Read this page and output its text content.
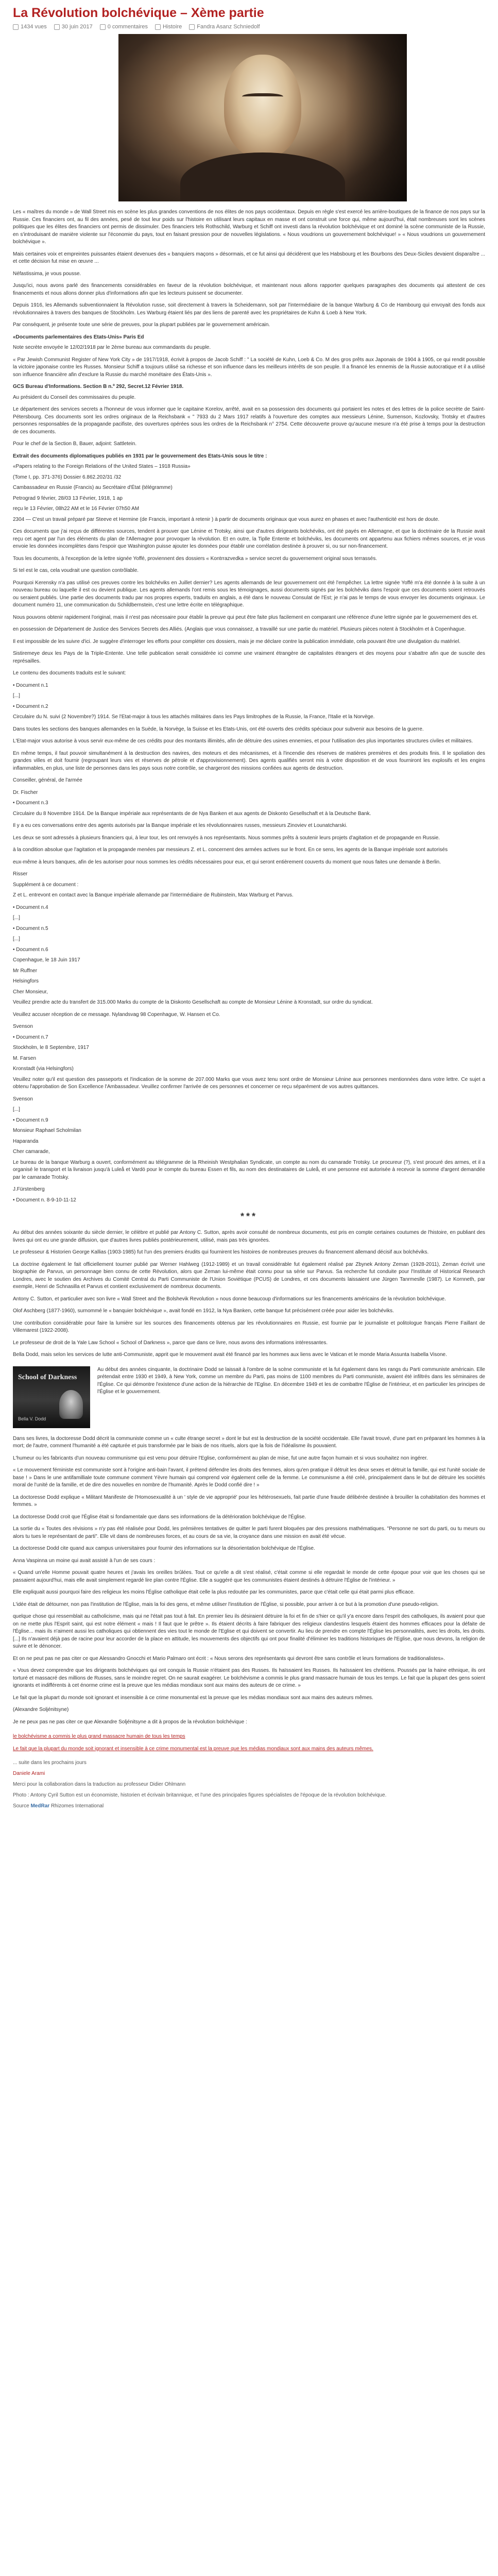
La Révolution bolchévique – Xème partie
1434 vues	30 juin 2017	0 commentaires	Histoire	Fandra Asanz Schniedolf

Les « maîtres du monde » de Wall Street mis en scène les plus grandes conventions de nos élites de nos pays occidentaux. Depuis en règle s'est exercé les arrière-boutiques de la finance de nos pays sur la Russie. Ces financiers ont, au fil des années, pesé de tout leur poids sur l'histoire en utilisant leurs capitaux en masse et ont construit une force qui, même aujourd'hui, était nombreuses sont les scènes politiques que les élites des financiers ont permis de dissimuler. Des financiers tels Rothschild, Warburg et Schiff ont investi dans la révolution bolchévique et ont dominé la scène communiste de la Russie, en s'introduisant de manière violente sur l'économie du pays, tout en faisant pression pour de nouvelles législations. « Nous voudrions un gouvernement bolchévique! » « Nous voudrions un gouvernement bolchévique ».

Mais certaines voix et empreintes puissantes étaient devenues des « banquiers maçons » désormais, et ce fut ainsi qui décidèrent que les Habsbourg et les Bourbons des Deux-Siciles devaient disparaître ... et cette décision fut mise en œuvre ...

Néfastissima, je vous pousse.

Jusqu'ici, nous avons parlé des financements considérables en faveur de la révolution bolchévique, et maintenant nous allons rapporter quelques paragraphes des documents qui attestent de ces financements et nous allons donner plus d'informations afin que les lecteurs puissent se documenter.

Depuis 1916, les Allemands subventionnaient la Révolution russe, soit directement à travers la Scheidemann, soit par l'intermédiaire de la banque Warburg & Co de Hambourg qui envoyait des fonds aux révolutionnaires à travers des banques de Stockholm. Les Warburg étaient liés par des liens de parenté avec les propriétaires de Kuhn & Loeb à New York.

Par conséquent, je présente toute une série de preuves, pour la plupart publiées par le gouvernement américain.

«Documents parlementaires des Etats-Unis» Paris Ed

Note secrète envoyée le 12/02/1918 par le 2ème bureau aux commandants du peuple.

« Par Jewish Communist Register of New York City » de 1917/1918, écrivit à propos de Jacob Schiff : " La société de Kuhn, Loeb & Co. M des gros prêts aux Japonais de 1904 à 1905, ce qui rendit possible la victoire japonaise contre les Russes. Monsieur Schiff a toujours utilisé sa richesse et son influence dans les meilleurs intérêts de son peuple. Il a financé les ennemis de la Russie autocratique et il a utilisé son influence financière afin d'exclure la Russie du marché monétaire des États-Unis ».

GCS Bureau d'Informations. Section B n.º 292, Secret.12 Février 1918.

Au président du Conseil des commissaires du peuple.

Le département des services secrets a l'honneur de vous informer que le capitaine Korelov, arrêté, avait en sa possession des documents qui portaient les notes et des lettres de la police secrète de Saint-Pétersbourg. Ces documents sont les ordres originaux de la Reichsbank « " 7933 du 2 Mars 1917 relatifs à l'ouverture des comptes aux messieurs Lénine, Sumenson, Kozlovsky, Trotsky et d'autres personnes responsables de la propagande pacifiste, des ouvertures opérées sous les ordres de la Reichsbank n° 2754. Cette découverte prouve qu'aucune mesure n'a été prise à temps pour la destruction de ces documents.

Pour le chef de la Section B, Bauer, adjoint: Sattletein.

Extrait des documents diplomatiques publiés en 1931 par le gouvernement des Etats-Unis sous le titre :

«Papers relating to the Foreign Relations of the United States – 1918 Russia»

(Tome I, pp. 371-376) Dossier 6.862.202/31 /32

Cambassadeur en Russie (Francis) au Secrétaire d'État (télégramme)

Petrograd 9 février, 28/03 13 Février, 1918, 1 ap

reçu le 13 Février, 08h22 AM et le 16 Février 07h50 AM

2304 — C'est un travail préparé par Steeve et Hermine (de Francis, important à retenir ) à partir de documents originaux que vous aurez en phases et avec l'authenticité est hors de doute.

Ces documents que j'ai reçus de différentes sources, tendent à prouver que Lénine et Trotsky, ainsi que d'autres dirigeants bolchéviks, ont été payés en Allemagne, et que la doctrinaire de la Russie avait reçu cet agent par l'un des éléments du plan de l'Allemagne pour provoquer la révolution. Et en outre, la Tiplle Entente et bolchéviks, les documents ont appartenu aux fichiers mêmes sources, et je vous envoie les données incomplètes dans l'espoir que Washington puisse ajouter les données pour établir une corrélation destinée à prouver si, ou sur non-financement.

Tous les documents, à l'exception de la lettre signée Yoffé, proviennent des dossiers « Kontrrazvedka » service secret du gouvernement original sous terrassés.

Si tel est le cas, cela voudrait une question contrôlable.

Pourquoi Kerensky n'a pas utilisé ces preuves contre les bolchéviks en Juillet dernier? Les agents allemands de leur gouvernement ont été l'empêcher. La lettre signée Yoffé m'a été donnée à la suite à un nouveau bureau ou laquelle il est ou devient publique. Les agents allemands l'ont remis sous les témoignages, aussi documents signés par les bolchéviks dans l'espoir que ces documents soient retrouvés ou seraient publiés. Une partie des documents tradu par nos propres experts, traduits en anglais, a été dans le nouveau Consulat de l'Est; je n'ai pas le temps de vous envoyer les documents originaux. Le document numéro 11, une communication du Schildbernstein, c'est une lettre écrite en télégraphique.

Nous pouvons obtenir rapidement l'original, mais il n'est pas nécessaire pour établir la preuve qui peut être faite plus facilement en comparant une référence d'une lettre signée par le gouvernement des et.

en possession de Département de Justice des Services Secrets des Alliés. (Anglais que vous connaissez, a travaillé sur une partie du matériel. Plusieurs pièces notent à Stockholm et à Copenhague.

Il est impossible de les suivre d'ici. Je suggère d'interroger les efforts pour compléter ces dossiers, mais je me déclare contre la publication immédiate, cela pouvant être une divulgation du matériel.

Sistiremeye deux les Pays de la Triple-Entente. Une telle publication serait considérée ici comme une vraiment étrangère de capitalistes étrangers et des moyens pour s'abattre afin que de suscite des représailles.

Le contenu des documents traduits est le suivant:

• Document n.1

[...]

• Document n.2

Circulaire du N. suivi (2 Novembre?) 1914. Se l'Etat-major à tous les attachés militaires dans les Pays limitrophes de la Russie, la France, l'Italie et la Norvège.

Dans toutes les sections des banques allemandes en la Suède, la Norvège, la Suisse et les Etats-Unis, ont été ouverts des crédits spéciaux pour subvenir aux besoins de la guerre.

L'Etat-major vous autorise à vous servir eux-même de ces crédits pour des montants illimités, afin de détruire des usines ennemies, et pour l'utilisation des plus importantes structures civiles et militaires.

En même temps, il faut pouvoir simultanément à la destruction des navires, des moteurs et des mécanismes, et à l'incendie des réserves de matières premières et des produits finis. Il le spoliation des grandes villes et doit fournir (regroupant leurs vies et réserves de pétrole et d'approvisionnement). Des agents qualifiés seront mis à votre disposition et de vous fourniront les explosifs et les engins inflammables, en plus, une liste de personnes dans les pays sous notre contrôle, se chargeront des missions confiées aux agents de destruction.

Conseiller, général, de l'armée

Dr. Fischer

• Document n.3

Circulaire du 8 Novembre 1914. De la Banque impériale aux représentants de de Nya Banken et aux agents de Diskonto Gesellschaft et à la Deutsche Bank.

Il y a eu ces conversations entre des agents autorisés par la Banque impériale et les révolutionnaires russes, messieurs Zinoviev et Lounatcharski.

Les deux se sont adressés à plusieurs financiers qui, à leur tour, les ont renvoyés à nos représentants. Nous sommes prêts à soutenir leurs projets d'agitation et de propagande en Russie.

à la condition absolue que l'agitation et la propagande menées par messieurs Z. et L. concernent des armées actives sur le front. En ce sens, les agents de la Banque impériale sont autorisés

eux-même à leurs banques, afin de les autoriser pour nous sommes les crédits nécessaires pour eux, et qui seront entièrement couverts du moment que nous faites une demande à Berlin.

Risser

Supplément à ce document :

Z et L. entrevont en contact avec la Banque impériale allemande par l'intermédiaire de Rubinstein, Max Warburg et Parvus.

• Document n.4

[...]

• Document n.5

[...]

• Document n.6

Copenhague, le 18 Juin 1917

Mr Ruffner

Helsingfors

Cher Monsieur,

Veuillez prendre acte du transfert de 315.000 Marks du compte de la Diskonto Gesellschaft au compte de Monsieur Lénine à Kronstadt, sur ordre du syndicat.

Veuillez accuser réception de ce message. Nylandsvag 98 Copenhague, W. Hansen et Co.

Svenson

• Document n.7

Stockholm, le 8 Septembre, 1917

M. Farsen

Kronstadt (via Helsingfors)

Veuillez noter qu'il est question des passeports et l'indication de la somme de 207.000 Marks que vous avez tenu sont ordre de Monsieur Lénine aux personnes mentionnées dans votre lettre. Ce sujet a obtenu l'approbation de Son Excellence l'Ambassadeur. Veuillez confirmer l'arrivée de ces personnes et concerner ce reçu séparément de vos autres quittances.

Svenson

[...]

• Document n.9

Monsieur Raphael Scholmilan

Haparanda

Cher camarade,

Le bureau de la banque Warburg a ouvert, conformément au télégramme de la Rheinish Westphalian Syndicate, un compte au nom du camarade Trotsky. Le procureur (?), s'est procuré des armes, et il a organisé le transport et la livraison jusqu'à Luleå et Vardö pour le compte du bureau Essen et fils, au nom des destinataires de Luleå, et une personne est autorisée à recevoir la somme d'argent demandée par le camarade Trotsky.

J.Fürstenberg

• Document n. 8-9-10-11-12

***

Au début des années soixante du siècle dernier, le célèbre et publié par Antony C. Sutton, après avoir consulté de nombreux documents, est pris en compte certaines coutumes de l'histoire, en publiant des livres qui ont eu une grande diffusion, que d'autres livres publiés postérieurement, utilisé, mais pas très ignorées.

Le professeur & Historien George Kallias (1903-1985) fut l'un des premiers érudits qui fournirent les histoires de nombreuses preuves du financement allemand décisif aux bolchéviks.

La doctrine également le fait officiellement tourner publié par Werner Hahlweg (1912-1989) et un travail considérable fut également réalisé par Zbynek Antony Zeman (1928-2011), Zeman écrivit une biographie de Parvus, un personnage bien connu de cette Révolution, alors que Zeman lui-même était connu pour sa série sur Parvus. Sa recherche fut conduite pour l'Institute of Historical Research Londres, avec le soutien des Archives du Comité Central du Parti Communiste de l'Union Soviétique (PCUS) de Londres, et ces documents laissaient une Jürgen Tanrmeslle (1987). Le Kornneth, par exemple, Henri de Schnasilla et Parvus et contient exclusivement de nombreux documents.

Antony C. Sutton, et particulier avec son livre « Wall Street and the Bolshevik Revolution » nous donne beaucoup d'informations sur les financements américains de la révolution bolchévique.

Olof Aschberg (1877-1960), surnommé le « banquier bolchévique », avait fondé en 1912, la Nya Banken, cette banque fut précisément créée pour aider les bolchéviks.

Une contribution considérable pour faire la lumière sur les sources des financements obtenus par les révolutionnaires en Russie, est fournie par le journaliste et politologue français Pierre Faillant de Villemarest (1922-2008).

Le professeur de droit de la Yale Law School « School of Darkness », parce que dans ce livre, nous avons des informations intéressantes.

Bella Dodd, mais selon les services de lutte anti-Communiste, apprit que le mouvement avait été financé par les hommes aux liens avec le Vatican et le monde Maria Assunta Isabella Visone.

School of Darkness
Bella V. Dodd

Au début des années cinquante, la doctrinaire Dodd se laissait à l'ombre de la scène communiste et la fut également dans les rangs du Parti communiste américain. Elle prétendait entre 1930 et 1949, à New York, comme un membre du Parti, pas moins de 1100 membres du Parti communiste, avaient été infiltrés dans les séminaires de l'Église. Ce qui démontre l'existence d'une action de la hiérarchie de l'Eglise. En décembre 1949 et les de combattre l'Église de l'intérieur, et en particulier les principes de l'Église et le gouvernement.

Dans ses livres, la doctoresse Dodd décrit la communiste comme un « culte étrange secret » dont le but est la destruction de la société occidentale. Elle l'avait trouvé, d'une part en préparant les hommes à la mort; de l'autre, comment l'humanité a été capturée et puis transformée par le biais de nos rituels, alors que la fois de l'idéalisme ils pouvaient.

L'humeur ou les fabricants d'un nouveau communisme qui est venu pour détruire l'Eglise, conformément au plan de mise, fut une autre façon humain et si vous souhaitez non ingérer.

« Le mouvement féministe est communiste sont à l'origine anti-bain l'avant, il prétend défendre les droits des femmes, alors qu'en pratique il détruit les deux sexes et détruit la famille, qui est l'unité sociale de base ! » Dans le une antifamilliale toute commune comment Yèvre humain qui comprend voir également celle de la femme. Le communisme a été créé, principalement dans le but de détruire les sociétés moral de l'unité de la famille, et de dire des nouvelles en nombre de l'humanité. Après le Dodd confié dire ! »

La doctoresse Dodd explique « Militant Manifeste de l'Homosexualité à un ' style de vie approprié' pour les hétérosexuels, fait partie d'une fraude délibérée destinée à brouiller la cohabitation des hommes et femmes. »

La doctoresse Dodd croit que l'Église était si fondamentale que dans ses informations de la détérioration bolchévique de l'Église.

La sortie du « Toutes des révisions » n'y pas été réalisée pour Dodd, les prémières tentatives de quitter le parti furent bloquées par des pressions mathématiques. "Personne ne sort du parti, ou tu meurs ou alors tu tues le représentant de parti". Elle vit dans de nombreuses forces, et au cours de sa vie, la croyance dans une mission en avait été vécue.

La doctoresse Dodd cite quand aux campus universitaires pour fournir des informations sur la désorientation bolchévique de l'Église.

Anna Vaspinna un moine qui avait assisté à l'un de ses cours :

« Quand un'elle Homme pouvait quatre heures et j'avais les oreilles brûlées. Tout ce qu'elle a dit s'est réalisé, c'était comme si elle regardait le monde de cette époque pour voir que les choses qui se passaient aujourd'hui, mais elle avait simplement regardé lire plan contre l'Église. Elle a suggéré que les communistes étaient destinés à détruire l'Église de l'intérieur. »

Elle expliquait aussi pourquoi faire des religieux les moins l'Église catholique était celle la plus redoutée par les communistes, parce que c'était celle qui était parmi plus efficace.

L'idée était de détourner, non pas l'institution de l'Église, mais la foi des gens, et même utiliser l'institution de l'Église, si possible, pour arriver à ce but à la promotion d'une pseudo-religion.

quelque chose qui ressemblait au catholicisme, mais qui ne l'était pas tout à fait. En premier lieu ils désiraient détruire la foi et fin de s'hier ce qu'il y'a encore dans l'esprit des catholiques, ils avaient pour que on ne mette plus l'Esprit saint, qui est notre élément « mais ! Il faut que le prêtre ». Ils étaient décrits à faire fabriquer des religieux clandestins lesquels étaient des hommes efficaces pour la défaite de l'Église... mais ils n'aiment aussi les catholiques qui obtiennent des vies tout le monde de l'Eglise et qui doivent se convertir. Au lieu de prendre en compte l'Église les personnalités, avec les droits, les droits. [...] Ils n'avaient déjà pas de racine pour leur accorder de la place en attitude, les mouvements des objectifs qui ont pour finalité d'éliminer les traditions historiques de l'Eglise, que nous devons, la religion de suivre et le dénoncer.

Et on ne peut pas ne pas citer ce que Alessandro Gnocchi et Mario Palmaro ont écrit : « Nous serons des représentants qui devront être sans contrôle et leurs formations de traditionalistes».

« Vous devez comprendre que les dirigeants bolchéviques qui ont conquis la Russie n'étaient pas des Russes. Ils haïssaient les Russes. Ils haïssaient les chrétiens. Poussés par la haine ethnique, ils ont torturé et massacré des millions de Russes, sans le moindre regret. On ne saurait exagérer. Le bolchévisme a commis le plus grand massacre humain de tous les temps. Le fait que la plupart des gens soient ignorants et indifférents à cet énorme crime est la preuve que les médias mondiaux sont aux mains des auteurs de ce crime. »

Le fait que la plupart du monde soit ignorant et insensible à ce crime monumental est la preuve que les médias mondiaux sont aux mains des auteurs mêmes.

(Alexandre Soljénitsyne)

Je ne peux pas ne pas citer ce que Alexandre Soljénitsyne a dit à propos de la révolution bolchévique :

le bolchévisme a commis le plus grand massacre humain de tous les temps

Le fait que la plupart du monde soit ignorant et insensible à ce crime monumental est la preuve que les médias mondiaux sont aux mains des auteurs mêmes.

... suite dans les prochains jours

Daniele Arami

Merci pour la collaboration dans la traduction au professeur Didier Ohlmann

Photo : Antony Cyril Sutton est un économiste, historien et écrivain britannique, et l'une des principales figures spécialistes de l'époque de la révolution bolchévique.

Source MedRar Rhizomes International
